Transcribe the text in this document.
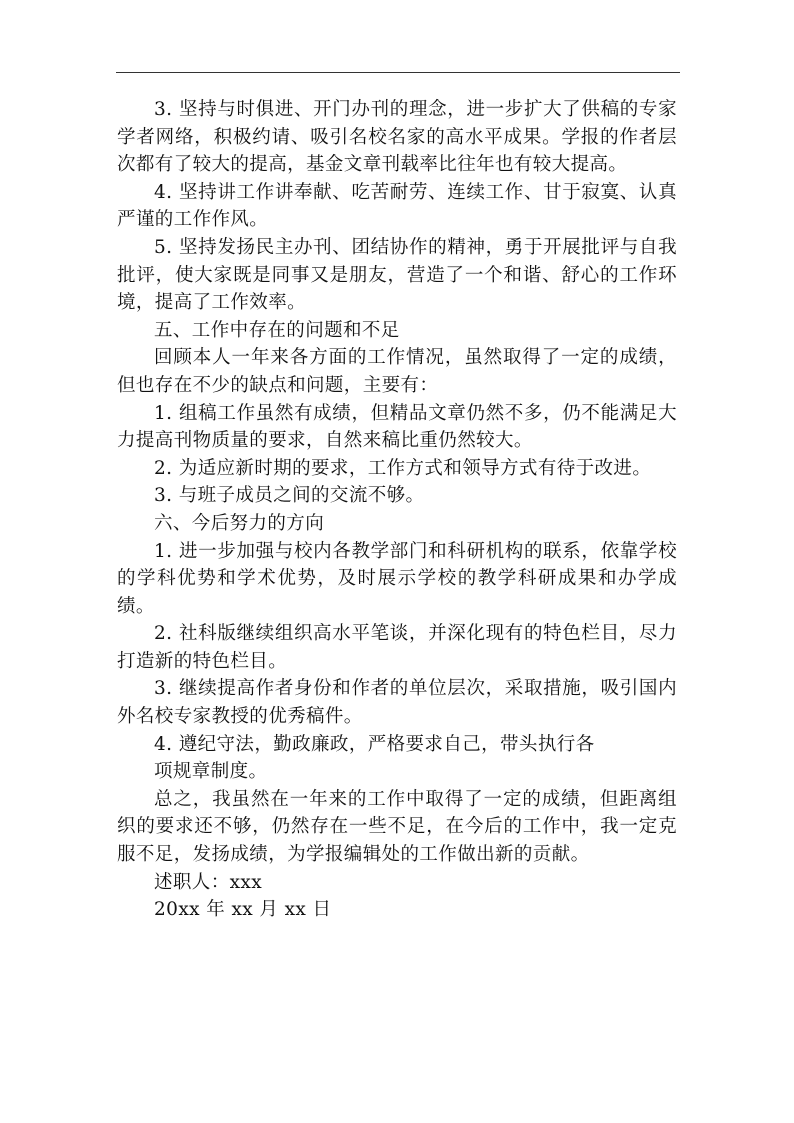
3. 坚持与时俱进、开门办刊的理念，进一步扩大了供稿的专家学者网络，积极约请、吸引名校名家的高水平成果。学报的作者层次都有了较大的提高，基金文章刊载率比往年也有较大提高。

4. 坚持讲工作讲奉献、吃苦耐劳、连续工作、甘于寂寞、认真严谨的工作作风。

5. 坚持发扬民主办刊、团结协作的精神，勇于开展批评与自我批评，使大家既是同事又是朋友，营造了一个和谐、舒心的工作环境，提高了工作效率。

五、工作中存在的问题和不足

回顾本人一年来各方面的工作情况，虽然取得了一定的成绩，但也存在不少的缺点和问题，主要有：

1. 组稿工作虽然有成绩，但精品文章仍然不多，仍不能满足大力提高刊物质量的要求，自然来稿比重仍然较大。

2. 为适应新时期的要求，工作方式和领导方式有待于改进。

3. 与班子成员之间的交流不够。

六、今后努力的方向

1. 进一步加强与校内各教学部门和科研机构的联系，依靠学校的学科优势和学术优势，及时展示学校的教学科研成果和办学成绩。

2. 社科版继续组织高水平笔谈，并深化现有的特色栏目，尽力打造新的特色栏目。

3. 继续提高作者身份和作者的单位层次，采取措施，吸引国内外名校专家教授的优秀稿件。

4. 遵纪守法，勤政廉政，严格要求自己，带头执行各

项规章制度。

总之，我虽然在一年来的工作中取得了一定的成绩，但距离组织的要求还不够，仍然存在一些不足，在今后的工作中，我一定克服不足，发扬成绩，为学报编辑处的工作做出新的贡献。

述职人：xxx

20xx 年 xx 月 xx 日
